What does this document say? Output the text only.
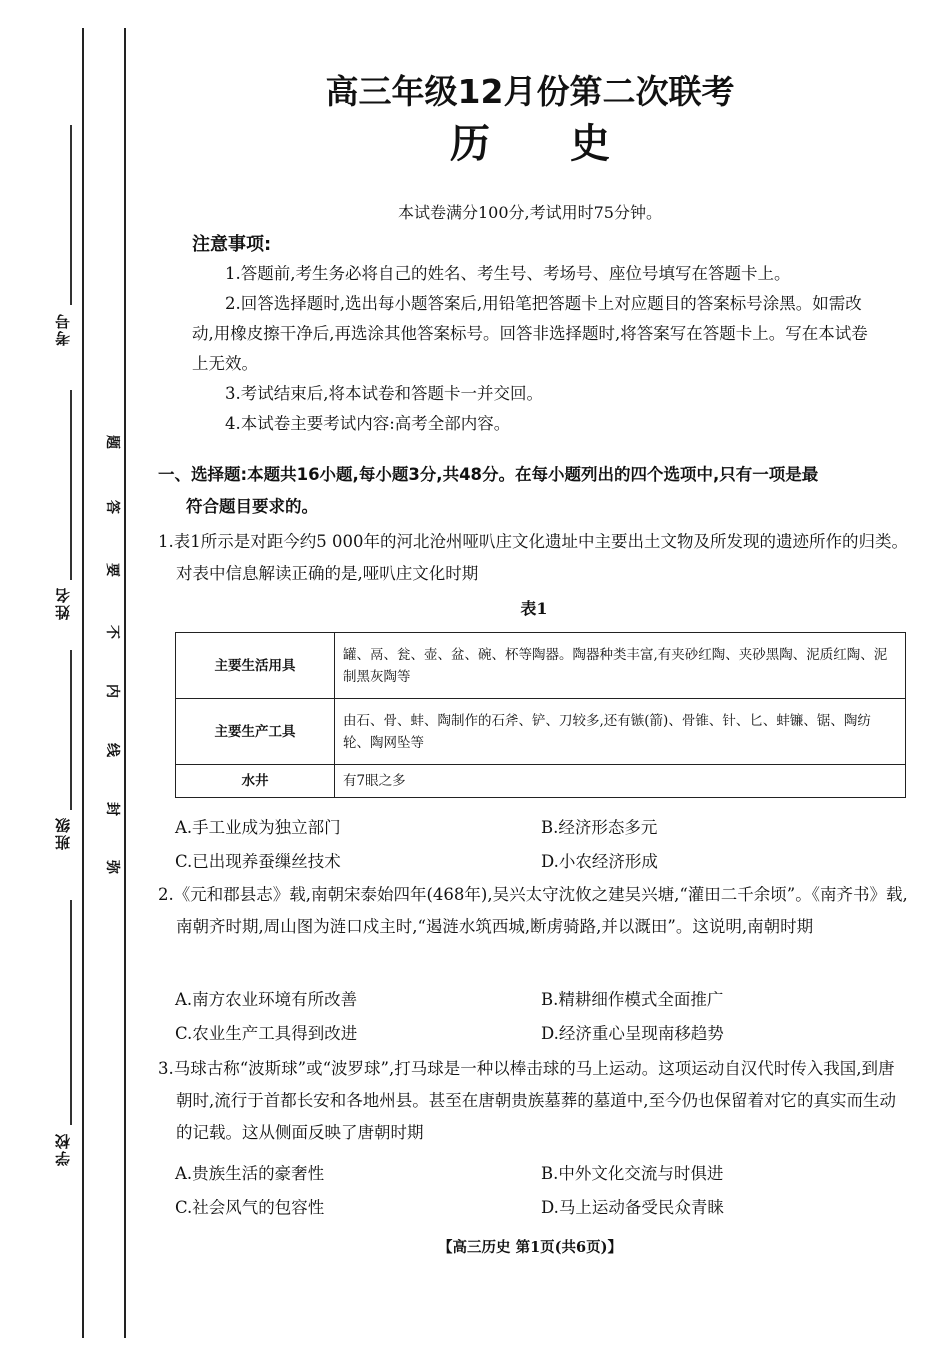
考号
姓名
班级
学校
题
答
要
不
内
线
封
弥
高三年级12月份第二次联考
历史
本试卷满分100分,考试用时75分钟。
注意事项:

1.答题前,考生务必将自己的姓名、考生号、考场号、座位号填写在答题卡上。

2.回答选择题时,选出每小题答案后,用铅笔把答题卡上对应题目的答案标号涂黑。如需改动,用橡皮擦干净后,再选涂其他答案标号。回答非选择题时,将答案写在答题卡上。写在本试卷上无效。

3.考试结束后,将本试卷和答题卡一并交回。

4.本试卷主要考试内容:高考全部内容。

一、选择题:本题共16小题,每小题3分,共48分。在每小题列出的四个选项中,只有一项是最
符合题目要求的。
1.表1所示是对距今约5 000年的河北沧州哑叭庄文化遗址中主要出土文物及所发现的遗迹所作的归类。对表中信息解读正确的是,哑叭庄文化时期
表1
主要生活用具	罐、鬲、瓮、壶、盆、碗、杯等陶器。陶器种类丰富,有夹砂红陶、夹砂黑陶、泥质红陶、泥制黑灰陶等
主要生产工具	由石、骨、蚌、陶制作的石斧、铲、刀较多,还有镞(箭)、骨锥、针、匕、蚌镰、锯、陶纺轮、陶网坠等
水井	有7眼之多
A.手工业成为独立部门	B.经济形态多元
C.已出现养蚕缫丝技术	D.小农经济形成
2.《元和郡县志》载,南朝宋泰始四年(468年),吴兴太守沈攸之建吴兴塘,“灌田二千余顷”。《南齐书》载,南朝齐时期,周山图为涟口戍主时,“遏涟水筑西城,断虏骑路,并以溉田”。这说明,南朝时期
A.南方农业环境有所改善	B.精耕细作模式全面推广
C.农业生产工具得到改进	D.经济重心呈现南移趋势
3.马球古称“波斯球”或“波罗球”,打马球是一种以棒击球的马上运动。这项运动自汉代时传入我国,到唐朝时,流行于首都长安和各地州县。甚至在唐朝贵族墓葬的墓道中,至今仍也保留着对它的真实而生动的记载。这从侧面反映了唐朝时期
A.贵族生活的豪奢性	B.中外文化交流与时俱进
C.社会风气的包容性	D.马上运动备受民众青睐
【高三历史 第1页(共6页)】
